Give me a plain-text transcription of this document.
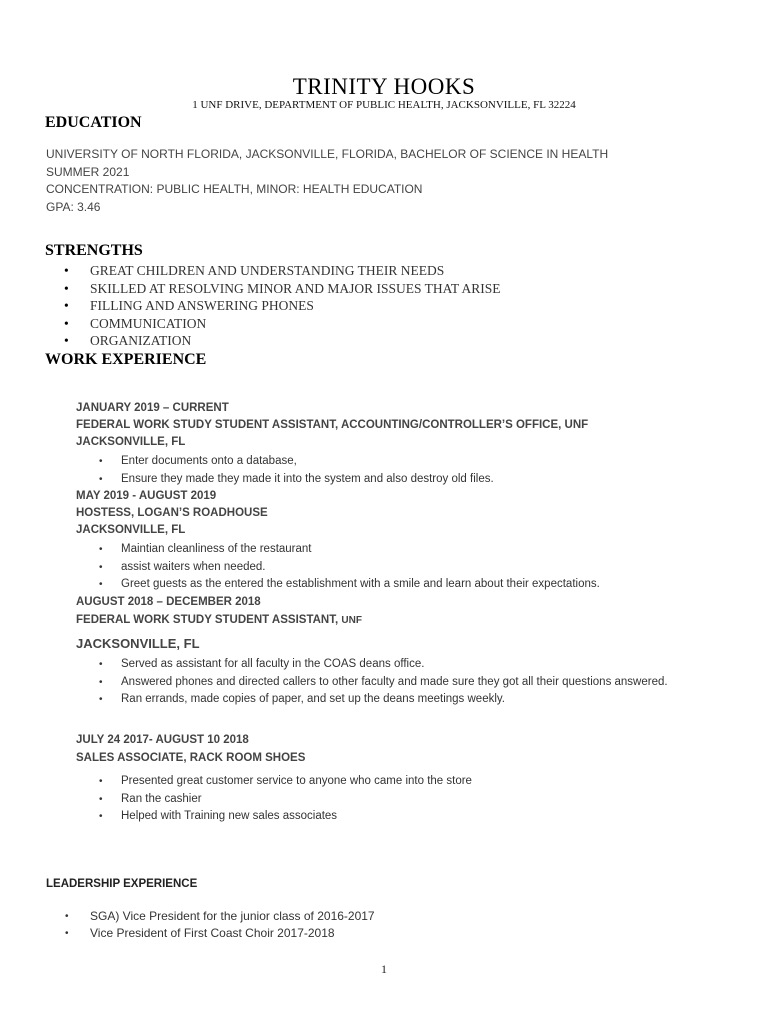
TRINITY HOOKS
1 UNF DRIVE, DEPARTMENT OF PUBLIC HEALTH, JACKSONVILLE, FL 32224
EDUCATION
UNIVERSITY OF NORTH FLORIDA, JACKSONVILLE, FLORIDA, BACHELOR OF SCIENCE IN HEALTH
SUMMER 2021
CONCENTRATION: PUBLIC HEALTH, MINOR: HEALTH EDUCATION
GPA: 3.46
STRENGTHS
• GREAT CHILDREN AND UNDERSTANDING THEIR NEEDS
• SKILLED AT RESOLVING MINOR AND MAJOR ISSUES THAT ARISE
• FILLING AND ANSWERING PHONES
• COMMUNICATION
• ORGANIZATION
WORK EXPERIENCE
JANUARY 2019 – CURRENT
FEDERAL WORK STUDY STUDENT ASSISTANT, ACCOUNTING/CONTROLLER’S OFFICE, UNF
JACKSONVILLE, FL
• Enter documents onto a database,
• Ensure they made they made it into the system and also destroy old files.
MAY 2019 - AUGUST 2019
HOSTESS, LOGAN’S ROADHOUSE
JACKSONVILLE, FL
• Maintian cleanliness of the restaurant
• assist waiters when needed.
• Greet guests as the entered the establishment with a smile and learn about their expectations.
AUGUST 2018 – DECEMBER 2018
FEDERAL WORK STUDY STUDENT ASSISTANT, UNF
JACKSONVILLE, FL
• Served as assistant for all faculty in the COAS deans office.
• Answered phones and directed callers to other faculty and made sure they got all their questions answered.
• Ran errands, made copies of paper, and set up the deans meetings weekly.
JULY 24 2017- AUGUST 10 2018
SALES ASSOCIATE, RACK ROOM SHOES
• Presented great customer service to anyone who came into the store
• Ran the cashier
• Helped with Training new sales associates
LEADERSHIP EXPERIENCE
• SGA) Vice President for the junior class of 2016-2017
• Vice President of First Coast Choir 2017-2018
1
